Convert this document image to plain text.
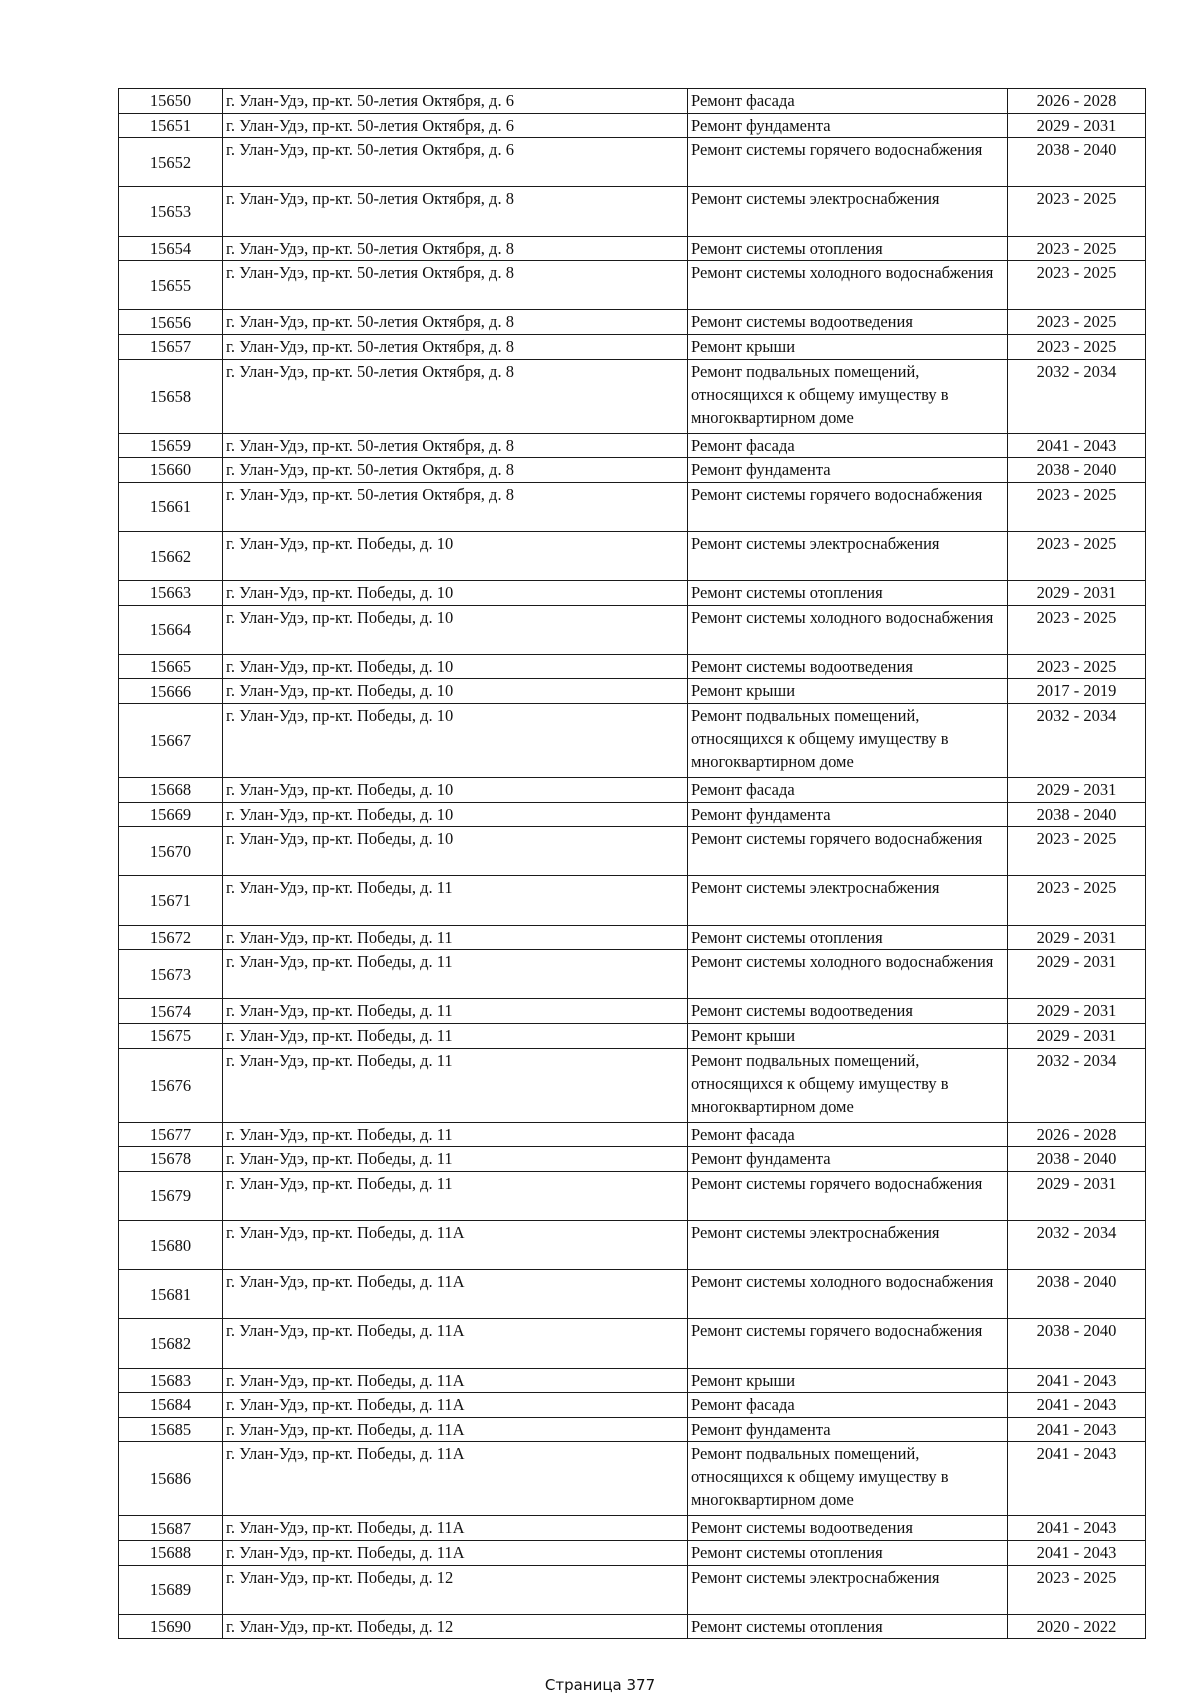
15650	г. Улан-Удэ, пр-кт. 50-летия Октября, д. 6	Ремонт фасада	2026 - 2028
15651	г. Улан-Удэ, пр-кт. 50-летия Октября, д. 6	Ремонт фундамента	2029 - 2031
15652	г. Улан-Удэ, пр-кт. 50-летия Октября, д. 6	Ремонт системы горячего водоснабжения	2038 - 2040
15653	г. Улан-Удэ, пр-кт. 50-летия Октября, д. 8	Ремонт системы электроснабжения	2023 - 2025
15654	г. Улан-Удэ, пр-кт. 50-летия Октября, д. 8	Ремонт системы отопления	2023 - 2025
15655	г. Улан-Удэ, пр-кт. 50-летия Октября, д. 8	Ремонт системы холодного водоснабжения	2023 - 2025
15656	г. Улан-Удэ, пр-кт. 50-летия Октября, д. 8	Ремонт системы водоотведения	2023 - 2025
15657	г. Улан-Удэ, пр-кт. 50-летия Октября, д. 8	Ремонт крыши	2023 - 2025
15658	г. Улан-Удэ, пр-кт. 50-летия Октября, д. 8	Ремонт подвальных помещений, относящихся к общему имуществу в многоквартирном доме	2032 - 2034
15659	г. Улан-Удэ, пр-кт. 50-летия Октября, д. 8	Ремонт фасада	2041 - 2043
15660	г. Улан-Удэ, пр-кт. 50-летия Октября, д. 8	Ремонт фундамента	2038 - 2040
15661	г. Улан-Удэ, пр-кт. 50-летия Октября, д. 8	Ремонт системы горячего водоснабжения	2023 - 2025
15662	г. Улан-Удэ, пр-кт. Победы, д. 10	Ремонт системы электроснабжения	2023 - 2025
15663	г. Улан-Удэ, пр-кт. Победы, д. 10	Ремонт системы отопления	2029 - 2031
15664	г. Улан-Удэ, пр-кт. Победы, д. 10	Ремонт системы холодного водоснабжения	2023 - 2025
15665	г. Улан-Удэ, пр-кт. Победы, д. 10	Ремонт системы водоотведения	2023 - 2025
15666	г. Улан-Удэ, пр-кт. Победы, д. 10	Ремонт крыши	2017 - 2019
15667	г. Улан-Удэ, пр-кт. Победы, д. 10	Ремонт подвальных помещений, относящихся к общему имуществу в многоквартирном доме	2032 - 2034
15668	г. Улан-Удэ, пр-кт. Победы, д. 10	Ремонт фасада	2029 - 2031
15669	г. Улан-Удэ, пр-кт. Победы, д. 10	Ремонт фундамента	2038 - 2040
15670	г. Улан-Удэ, пр-кт. Победы, д. 10	Ремонт системы горячего водоснабжения	2023 - 2025
15671	г. Улан-Удэ, пр-кт. Победы, д. 11	Ремонт системы электроснабжения	2023 - 2025
15672	г. Улан-Удэ, пр-кт. Победы, д. 11	Ремонт системы отопления	2029 - 2031
15673	г. Улан-Удэ, пр-кт. Победы, д. 11	Ремонт системы холодного водоснабжения	2029 - 2031
15674	г. Улан-Удэ, пр-кт. Победы, д. 11	Ремонт системы водоотведения	2029 - 2031
15675	г. Улан-Удэ, пр-кт. Победы, д. 11	Ремонт крыши	2029 - 2031
15676	г. Улан-Удэ, пр-кт. Победы, д. 11	Ремонт подвальных помещений, относящихся к общему имуществу в многоквартирном доме	2032 - 2034
15677	г. Улан-Удэ, пр-кт. Победы, д. 11	Ремонт фасада	2026 - 2028
15678	г. Улан-Удэ, пр-кт. Победы, д. 11	Ремонт фундамента	2038 - 2040
15679	г. Улан-Удэ, пр-кт. Победы, д. 11	Ремонт системы горячего водоснабжения	2029 - 2031
15680	г. Улан-Удэ, пр-кт. Победы, д. 11А	Ремонт системы электроснабжения	2032 - 2034
15681	г. Улан-Удэ, пр-кт. Победы, д. 11А	Ремонт системы холодного водоснабжения	2038 - 2040
15682	г. Улан-Удэ, пр-кт. Победы, д. 11А	Ремонт системы горячего водоснабжения	2038 - 2040
15683	г. Улан-Удэ, пр-кт. Победы, д. 11А	Ремонт крыши	2041 - 2043
15684	г. Улан-Удэ, пр-кт. Победы, д. 11А	Ремонт фасада	2041 - 2043
15685	г. Улан-Удэ, пр-кт. Победы, д. 11А	Ремонт фундамента	2041 - 2043
15686	г. Улан-Удэ, пр-кт. Победы, д. 11А	Ремонт подвальных помещений, относящихся к общему имуществу в многоквартирном доме	2041 - 2043
15687	г. Улан-Удэ, пр-кт. Победы, д. 11А	Ремонт системы водоотведения	2041 - 2043
15688	г. Улан-Удэ, пр-кт. Победы, д. 11А	Ремонт системы отопления	2041 - 2043
15689	г. Улан-Удэ, пр-кт. Победы, д. 12	Ремонт системы электроснабжения	2023 - 2025
15690	г. Улан-Удэ, пр-кт. Победы, д. 12	Ремонт системы отопления	2020 - 2022
Страница 377
